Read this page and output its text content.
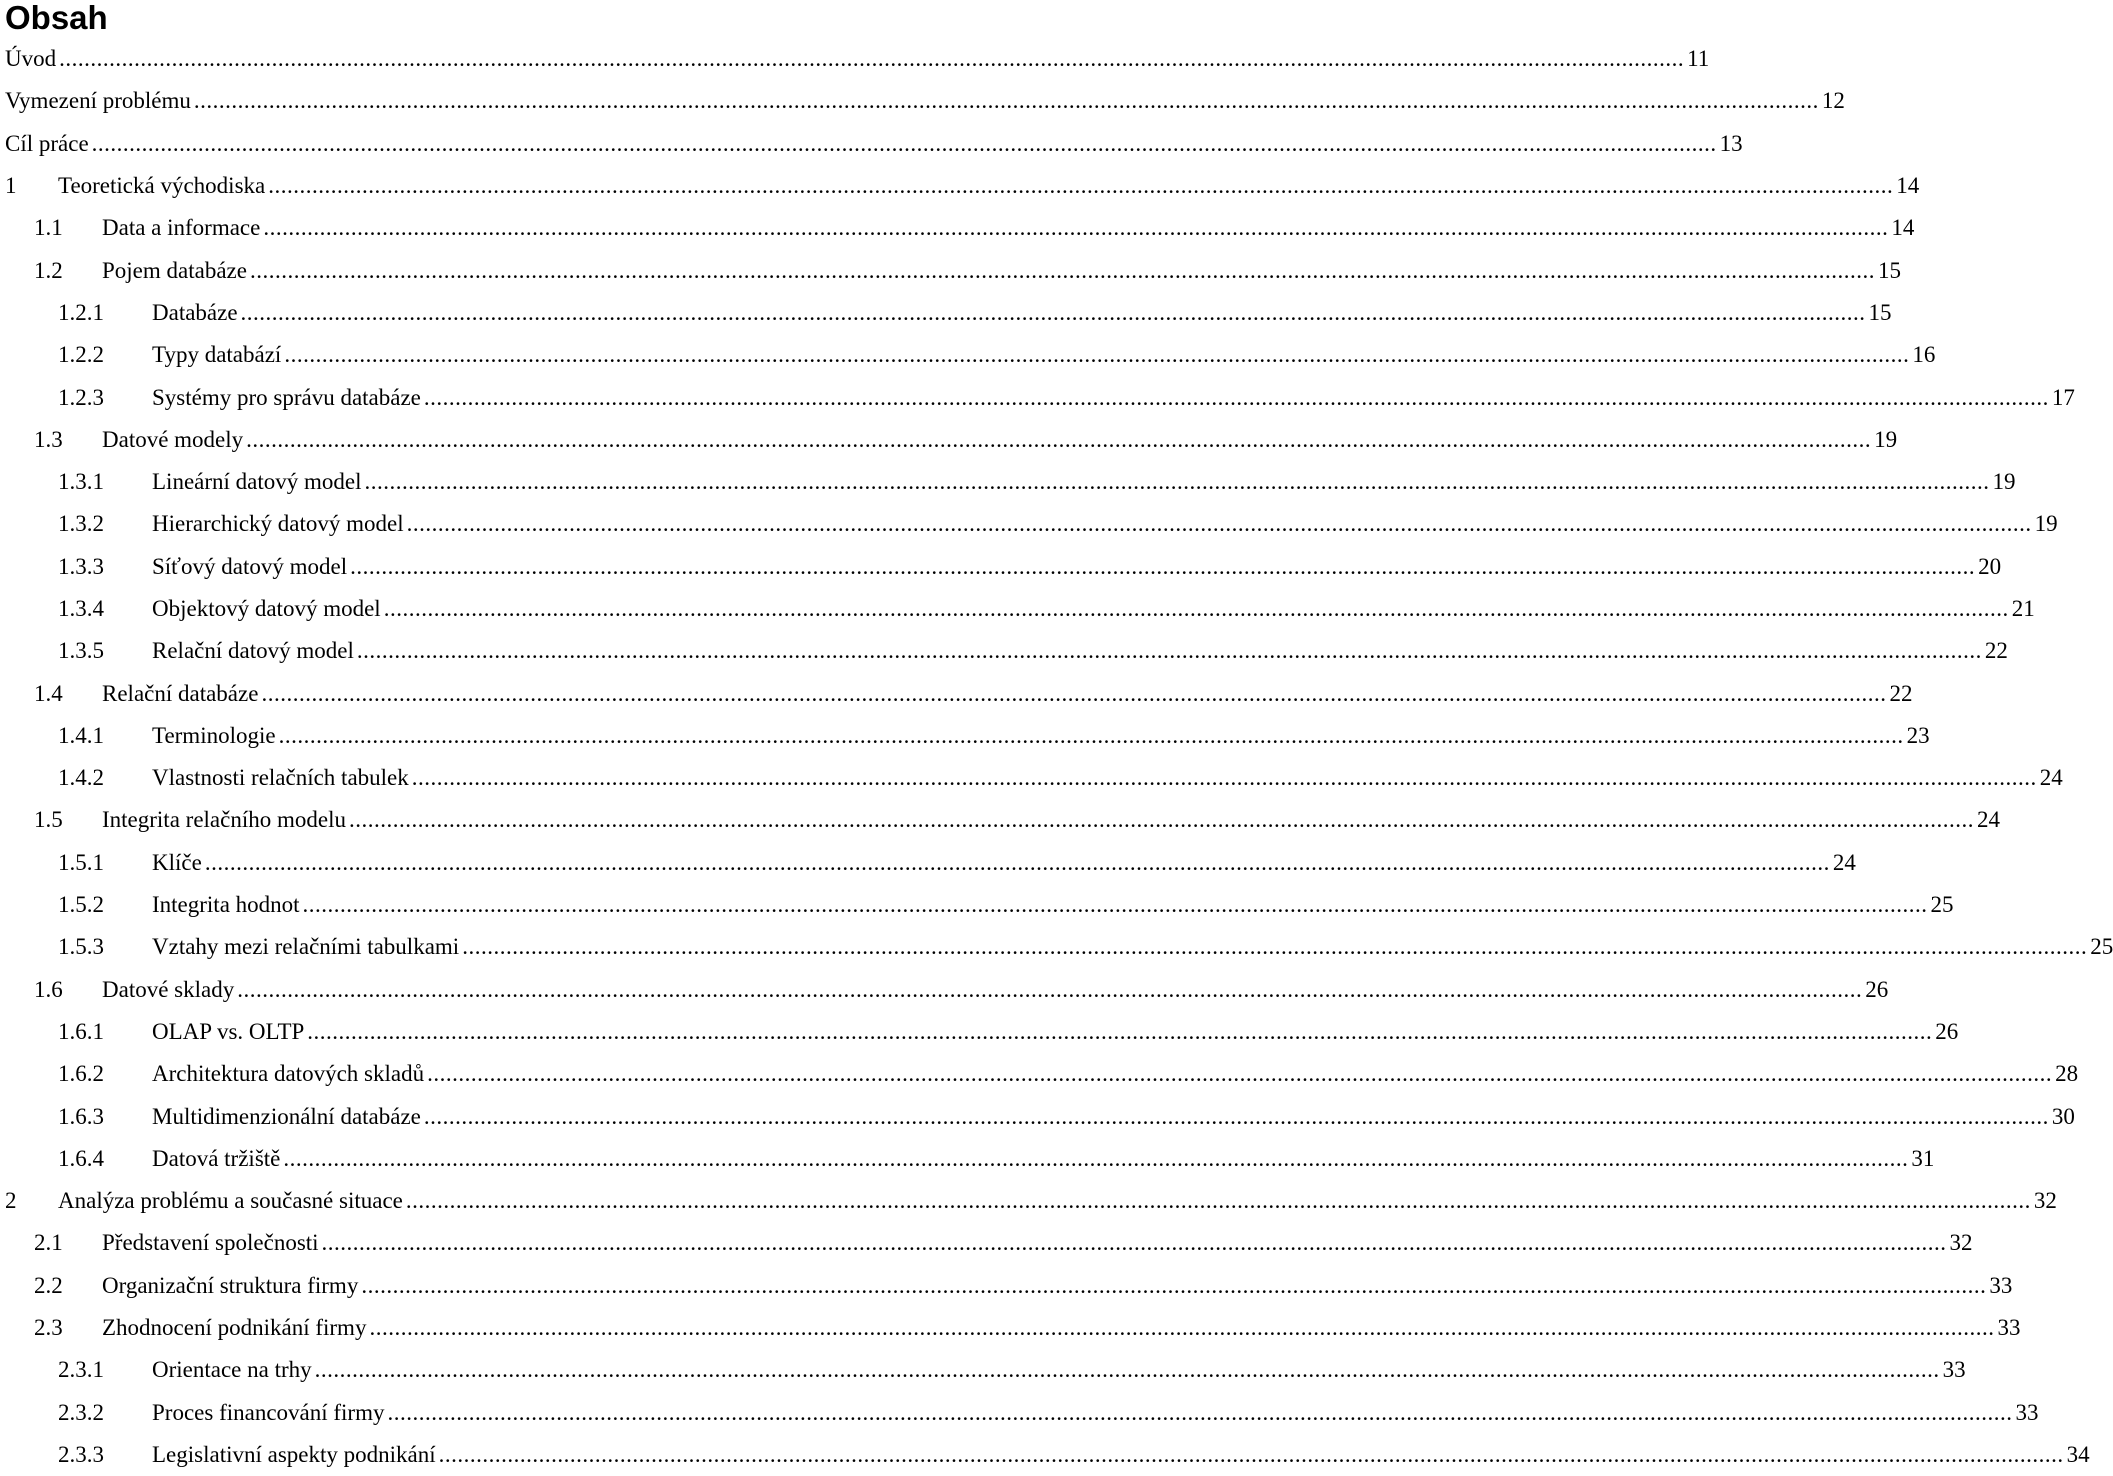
Obsah
Úvod .................................................................................................................................................................................................................................................................... 11
Vymezení problému .................................................................................................................................................................................................................................................................... 12
Cíl práce .................................................................................................................................................................................................................................................................... 13
1	Teoretická východiska .................................................................................................................................................................................................................................................................... 14
1.1	Data a informace .................................................................................................................................................................................................................................................................... 14
1.2	Pojem databáze .................................................................................................................................................................................................................................................................... 15
1.2.1	Databáze .................................................................................................................................................................................................................................................................... 15
1.2.2	Typy databází .................................................................................................................................................................................................................................................................... 16
1.2.3	Systémy pro správu databáze .................................................................................................................................................................................................................................................................... 17
1.3	Datové modely .................................................................................................................................................................................................................................................................... 19
1.3.1	Lineární datový model .................................................................................................................................................................................................................................................................... 19
1.3.2	Hierarchický datový model .................................................................................................................................................................................................................................................................... 19
1.3.3	Síťový datový model .................................................................................................................................................................................................................................................................... 20
1.3.4	Objektový datový model .................................................................................................................................................................................................................................................................... 21
1.3.5	Relační datový model .................................................................................................................................................................................................................................................................... 22
1.4	Relační databáze .................................................................................................................................................................................................................................................................... 22
1.4.1	Terminologie .................................................................................................................................................................................................................................................................... 23
1.4.2	Vlastnosti relačních tabulek .................................................................................................................................................................................................................................................................... 24
1.5	Integrita relačního modelu .................................................................................................................................................................................................................................................................... 24
1.5.1	Klíče .................................................................................................................................................................................................................................................................... 24
1.5.2	Integrita hodnot .................................................................................................................................................................................................................................................................... 25
1.5.3	Vztahy mezi relačními tabulkami .................................................................................................................................................................................................................................................................... 25
1.6	Datové sklady .................................................................................................................................................................................................................................................................... 26
1.6.1	OLAP vs. OLTP .................................................................................................................................................................................................................................................................... 26
1.6.2	Architektura datových skladů .................................................................................................................................................................................................................................................................... 28
1.6.3	Multidimenzionální databáze .................................................................................................................................................................................................................................................................... 30
1.6.4	Datová tržiště .................................................................................................................................................................................................................................................................... 31
2	Analýza problému a současné situace .................................................................................................................................................................................................................................................................... 32
2.1	Představení společnosti .................................................................................................................................................................................................................................................................... 32
2.2	Organizační struktura firmy .................................................................................................................................................................................................................................................................... 33
2.3	Zhodnocení podnikání firmy .................................................................................................................................................................................................................................................................... 33
2.3.1	Orientace na trhy .................................................................................................................................................................................................................................................................... 33
2.3.2	Proces financování firmy .................................................................................................................................................................................................................................................................... 33
2.3.3	Legislativní aspekty podnikání .................................................................................................................................................................................................................................................................... 34
